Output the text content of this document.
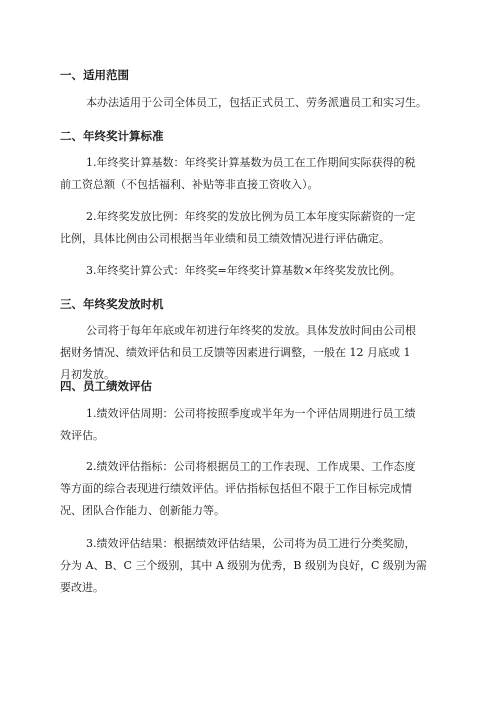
一、适用范围
本办法适用于公司全体员工，包括正式员工、劳务派遣员工和实习生。
二、年终奖计算标准
1.年终奖计算基数：年终奖计算基数为员工在工作期间实际获得的税
前工资总额（不包括福利、补贴等非直接工资收入）。
2.年终奖发放比例：年终奖的发放比例为员工本年度实际薪资的一定
比例，具体比例由公司根据当年业绩和员工绩效情况进行评估确定。
3.年终奖计算公式：年终奖=年终奖计算基数×年终奖发放比例。
三、年终奖发放时机
公司将于每年年底或年初进行年终奖的发放。具体发放时间由公司根
据财务情况、绩效评估和员工反馈等因素进行调整，一般在 12 月底或 1
月初发放。
四、员工绩效评估
1.绩效评估周期：公司将按照季度或半年为一个评估周期进行员工绩
效评估。
2.绩效评估指标：公司将根据员工的工作表现、工作成果、工作态度
等方面的综合表现进行绩效评估。评估指标包括但不限于工作目标完成情
况、团队合作能力、创新能力等。
3.绩效评估结果：根据绩效评估结果，公司将为员工进行分类奖励，
分为 A、B、C 三个级别，其中 A 级别为优秀，B 级别为良好，C 级别为需
要改进。
